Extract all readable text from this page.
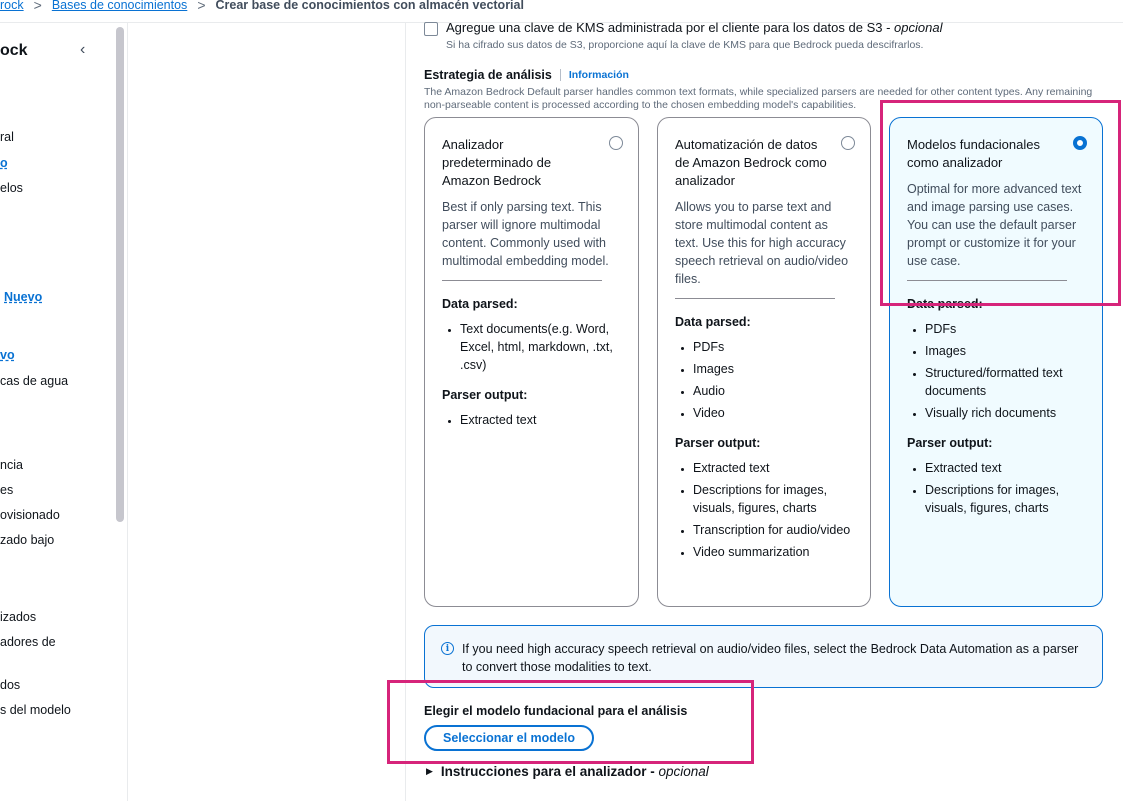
rock > Bases de conocimientos > Crear base de conocimientos con almacén vectorial
ock	‹
ral
o
elos
Nuevo
vo
cas de agua
ncia
es
ovisionado
zado bajo
izados
adores de
dos
s del modelo
Agregue una clave de KMS administrada por el cliente para los datos de S3 - opcional
Si ha cifrado sus datos de S3, proporcione aquí la clave de KMS para que Bedrock pueda descifrarlos.
Estrategia de análisis	Información
The Amazon Bedrock Default parser handles common text formats, while specialized parsers are needed for other content types. Any remaining non-parseable content is processed according to the chosen embedding model's capabilities.
Analizador predeterminado de Amazon Bedrock
Best if only parsing text. This parser will ignore multimodal content. Commonly used with multimodal embedding model.
Data parsed:
• Text documents(e.g. Word, Excel, html, markdown, .txt, .csv)
Parser output:
• Extracted text
Automatización de datos de Amazon Bedrock como analizador
Allows you to parse text and store multimodal content as text. Use this for high accuracy speech retrieval on audio/video files.
Data parsed:
• PDFs
• Images
• Audio
• Video
Parser output:
• Extracted text
• Descriptions for images, visuals, figures, charts
• Transcription for audio/video
• Video summarization
Modelos fundacionales como analizador
Optimal for more advanced text and image parsing use cases. You can use the default parser prompt or customize it for your use case.
Data parsed:
• PDFs
• Images
• Structured/formatted text documents
• Visually rich documents
Parser output:
• Extracted text
• Descriptions for images, visuals, figures, charts
i	If you need high accuracy speech retrieval on audio/video files, select the Bedrock Data Automation as a parser to convert those modalities to text.
Elegir el modelo fundacional para el análisis
Seleccionar el modelo
▶ Instrucciones para el analizador - opcional
